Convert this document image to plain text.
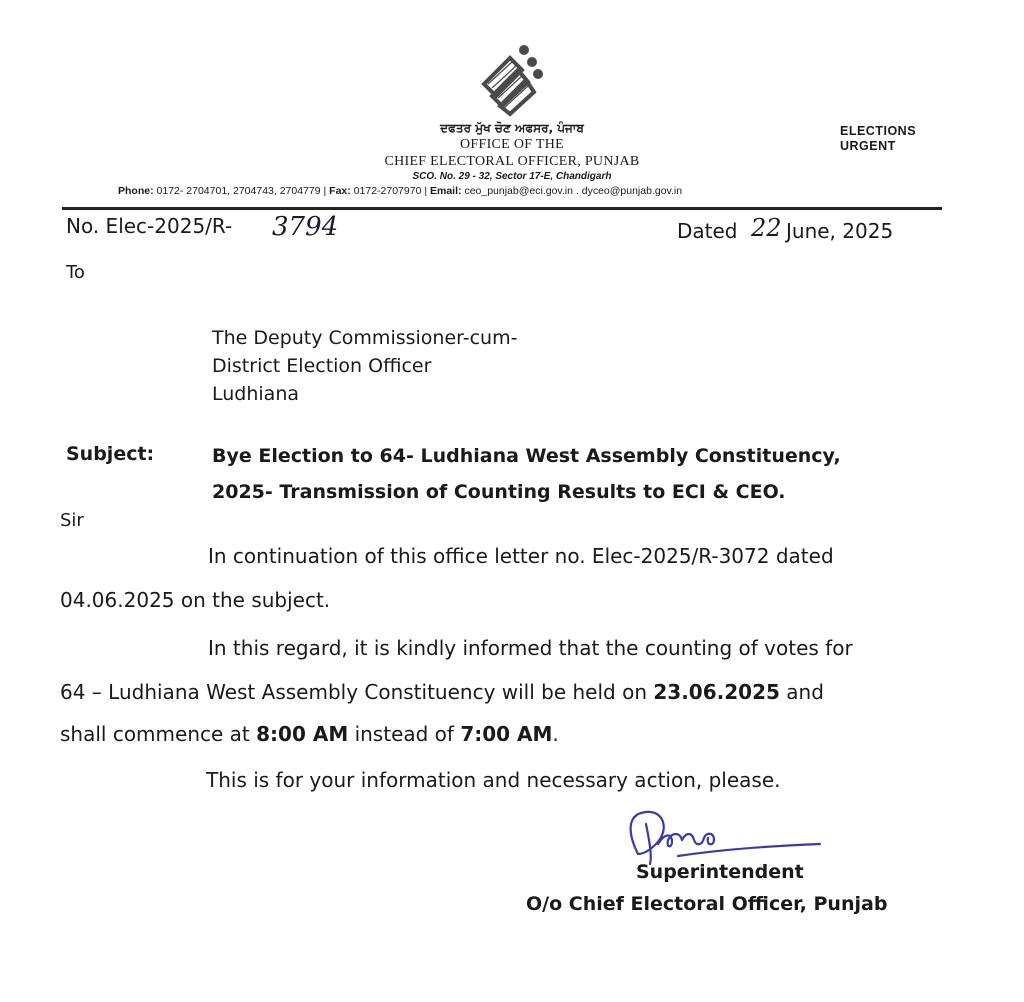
ਦਫਤਰ ਮੁੱਖ ਚੋਣ ਅਫਸਰ, ਪੰਜਾਬ
OFFICE OF THE
CHIEF ELECTORAL OFFICER, PUNJAB
SCO. No. 29 - 32, Sector 17-E, Chandigarh
Phone: 0172- 2704701, 2704743, 2704779 | Fax: 0172-2707970 | Email: ceo_punjab@eci.gov.in . dyceo@punjab.gov.in
ELECTIONS
URGENT
No. Elec-2025/R- 3794	Dated 22 June, 2025
To
The Deputy Commissioner-cum-
District Election Officer
Ludhiana
Subject:	Bye Election to 64- Ludhiana West Assembly Constituency,
2025- Transmission of Counting Results to ECI & CEO.
Sir
In continuation of this office letter no. Elec-2025/R-3072 dated
04.06.2025 on the subject.
In this regard, it is kindly informed that the counting of votes for
64 – Ludhiana West Assembly Constituency will be held on 23.06.2025 and
shall commence at 8:00 AM instead of 7:00 AM.
This is for your information and necessary action, please.
Superintendent
O/o Chief Electoral Officer, Punjab
